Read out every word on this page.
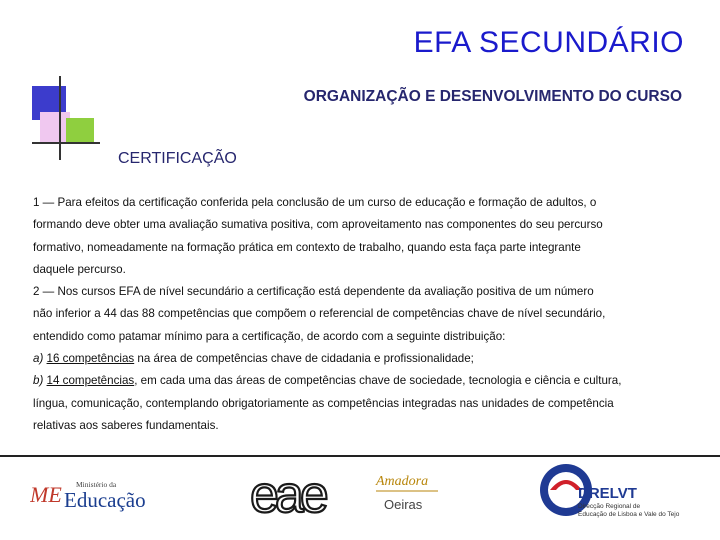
EFA SECUNDÁRIO
ORGANIZAÇÃO E DESENVOLVIMENTO DO CURSO
CERTIFICAÇÃO
1 — Para efeitos da certificação conferida pela conclusão de um curso de educação e formação de adultos, o
formando deve obter uma avaliação sumativa positiva, com aproveitamento nas componentes do seu percurso
formativo, nomeadamente na formação prática em contexto de trabalho, quando esta faça parte integrante
daquele percurso.
2 — Nos cursos EFA de nível secundário a certificação está dependente da avaliação positiva de um número
não inferior a 44 das 88 competências que compõem o referencial de competências chave de nível secundário,
entendido como patamar mínimo para a certificação, de acordo com a seguinte distribuição:
a) 16 competências na área de competências chave de cidadania e profissionalidade;
b) 14 competências, em cada uma das áreas de competências chave de sociedade, tecnologia e ciência e cultura,
língua, comunicação, contemplando obrigatoriamente as competências integradas nas unidades de competência
relativas aos saberes fundamentais.
ME Ministério da
Educação eae	Amadora
Oeiras
DRELVT
Direcção Regional de
Educação de Lisboa e Vale do Tejo
